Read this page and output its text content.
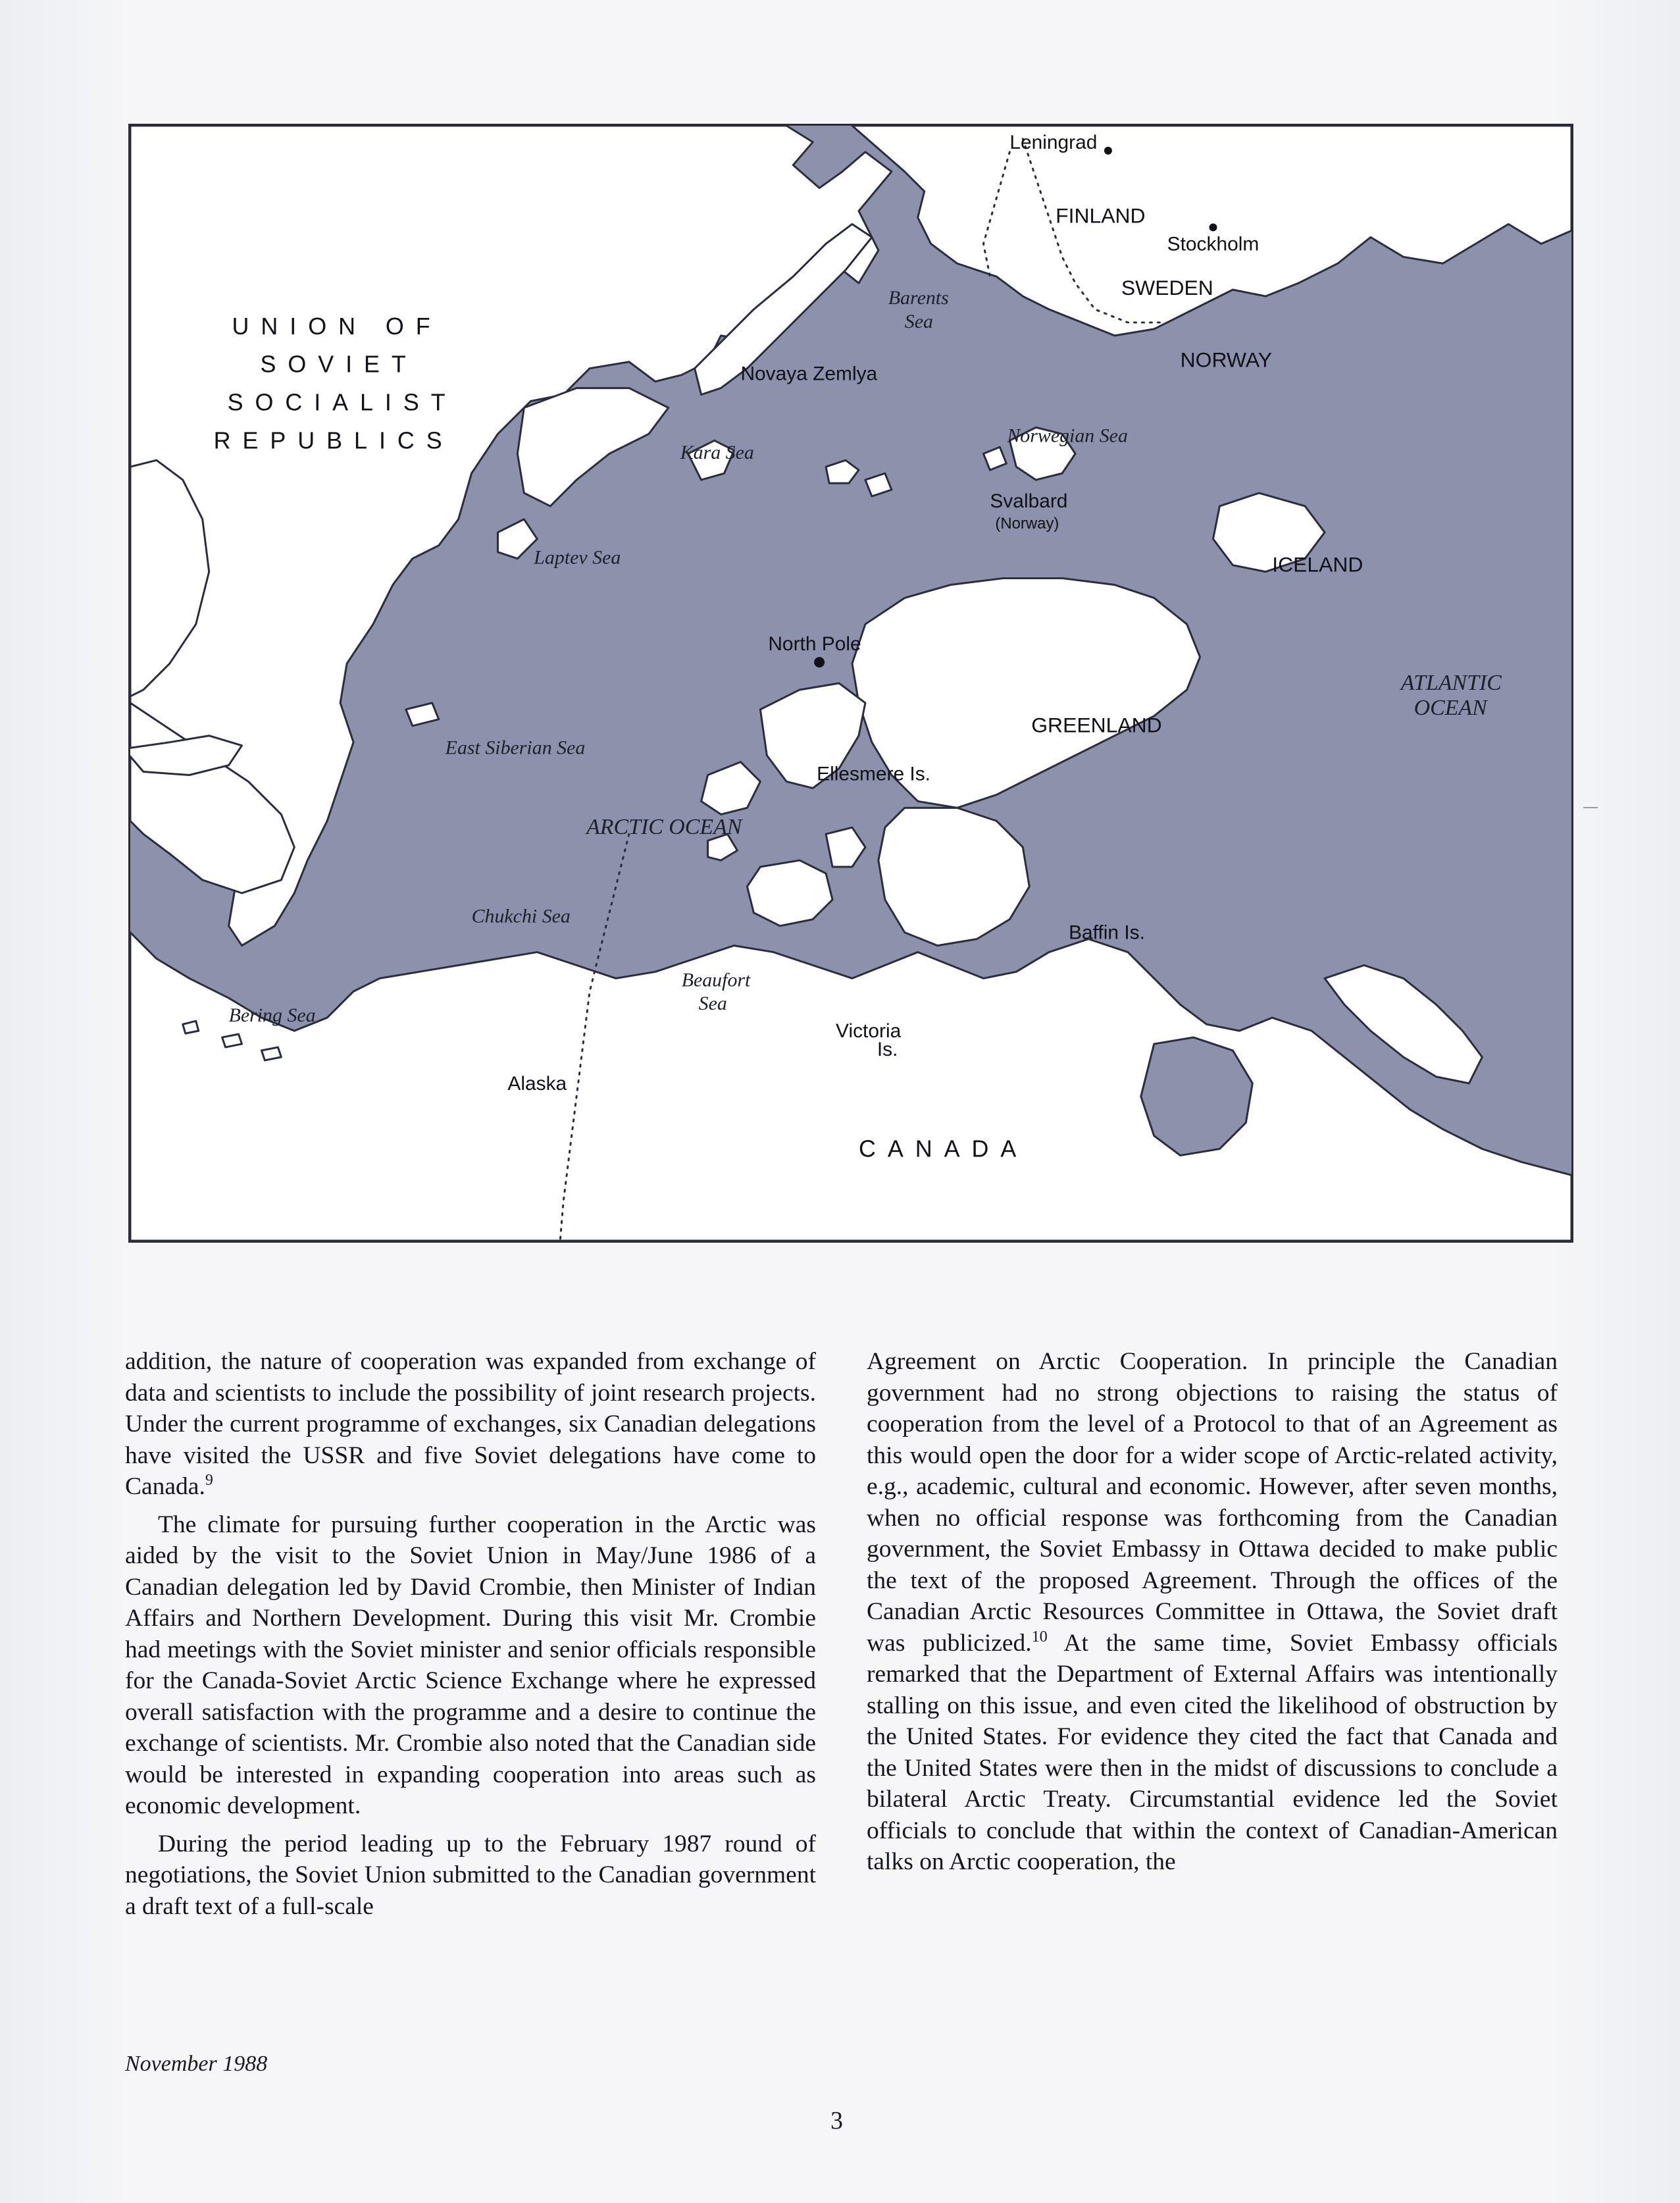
UNION OF
SOVIET
SOCIALIST
REPUBLICS
Leningrad
FINLAND
Stockholm
SWEDEN
NORWAY
Barents
Sea
Novaya Zemlya
Kara Sea
Norwegian Sea
Svalbard
(Norway)
ICELAND
Laptev Sea
North Pole
ATLANTIC
OCEAN
GREENLAND
East Siberian Sea
Ellesmere Is.
ARCTIC OCEAN
Chukchi Sea
Baffin Is.
Beaufort
Sea
Bering Sea
Victoria
Is.
Alaska
CANADA

addition, the nature of cooperation was expanded from exchange of data and scientists to include the possibility of joint research projects. Under the current programme of exchanges, six Canadian delegations have visited the USSR and five Soviet delegations have come to Canada.$^9$

The climate for pursuing further cooperation in the Arctic was aided by the visit to the Soviet Union in May/June 1986 of a Canadian delegation led by David Crombie, then Minister of Indian Affairs and Northern Development. During this visit Mr. Crombie had meetings with the Soviet minister and senior officials responsible for the Canada-Soviet Arctic Science Exchange where he expressed overall satisfaction with the programme and a desire to continue the exchange of scientists. Mr. Crombie also noted that the Canadian side would be interested in expanding cooperation into areas such as economic development.

During the period leading up to the February 1987 round of negotiations, the Soviet Union submitted to the Canadian government a draft text of a full-scale

Agreement on Arctic Cooperation. In principle the Canadian government had no strong objections to raising the status of cooperation from the level of a Protocol to that of an Agreement as this would open the door for a wider scope of Arctic-related activity, e.g., academic, cultural and economic. However, after seven months, when no official response was forthcoming from the Canadian government, the Soviet Embassy in Ottawa decided to make public the text of the proposed Agreement. Through the offices of the Canadian Arctic Resources Committee in Ottawa, the Soviet draft was publicized.$^{10}$ At the same time, Soviet Embassy officials remarked that the Department of External Affairs was intentionally stalling on this issue, and even cited the likelihood of obstruction by the United States. For evidence they cited the fact that Canada and the United States were then in the midst of discussions to conclude a bilateral Arctic Treaty. Circumstantial evidence led the Soviet officials to conclude that within the context of Canadian-American talks on Arctic cooperation, the

November 1988
3
